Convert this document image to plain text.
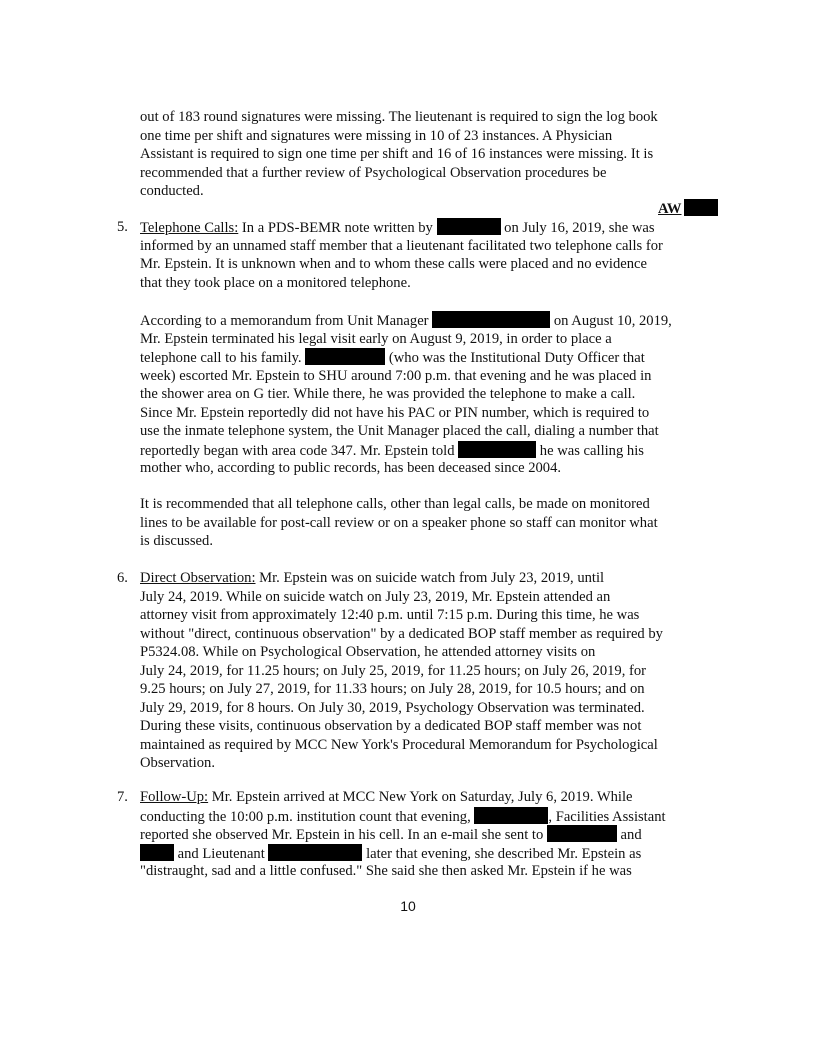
out of 183 round signatures were missing. The lieutenant is required to sign the log book
one time per shift and signatures were missing in 10 of 23 instances. A Physician
Assistant is required to sign one time per shift and 16 of 16 instances were missing. It is
recommended that a further review of Psychological Observation procedures be
conducted.
AW
5. Telephone Calls: In a PDS-BEMR note written by	on July 16, 2019, she was
informed by an unnamed staff member that a lieutenant facilitated two telephone calls for
Mr. Epstein. It is unknown when and to whom these calls were placed and no evidence
that they took place on a monitored telephone.
According to a memorandum from Unit Manager	on August 10, 2019,
Mr. Epstein terminated his legal visit early on August 9, 2019, in order to place a
telephone call to his family.	(who was the Institutional Duty Officer that
week) escorted Mr. Epstein to SHU around 7:00 p.m. that evening and he was placed in
the shower area on G tier. While there, he was provided the telephone to make a call.
Since Mr. Epstein reportedly did not have his PAC or PIN number, which is required to
use the inmate telephone system, the Unit Manager placed the call, dialing a number that
reportedly began with area code 347. Mr. Epstein told	he was calling his
mother who, according to public records, has been deceased since 2004.
It is recommended that all telephone calls, other than legal calls, be made on monitored
lines to be available for post-call review or on a speaker phone so staff can monitor what
is discussed.
6. Direct Observation: Mr. Epstein was on suicide watch from July 23, 2019, until
July 24, 2019. While on suicide watch on July 23, 2019, Mr. Epstein attended an
attorney visit from approximately 12:40 p.m. until 7:15 p.m. During this time, he was
without "direct, continuous observation" by a dedicated BOP staff member as required by
P5324.08. While on Psychological Observation, he attended attorney visits on
July 24, 2019, for 11.25 hours; on July 25, 2019, for 11.25 hours; on July 26, 2019, for
9.25 hours; on July 27, 2019, for 11.33 hours; on July 28, 2019, for 10.5 hours; and on
July 29, 2019, for 8 hours. On July 30, 2019, Psychology Observation was terminated.
During these visits, continuous observation by a dedicated BOP staff member was not
maintained as required by MCC New York's Procedural Memorandum for Psychological
Observation.
7. Follow-Up: Mr. Epstein arrived at MCC New York on Saturday, July 6, 2019. While
conducting the 10:00 p.m. institution count that evening,	, Facilities Assistant
reported she observed Mr. Epstein in his cell. In an e-mail she sent to	and
and Lieutenant	later that evening, she described Mr. Epstein as
"distraught, sad and a little confused." She said she then asked Mr. Epstein if he was
10
